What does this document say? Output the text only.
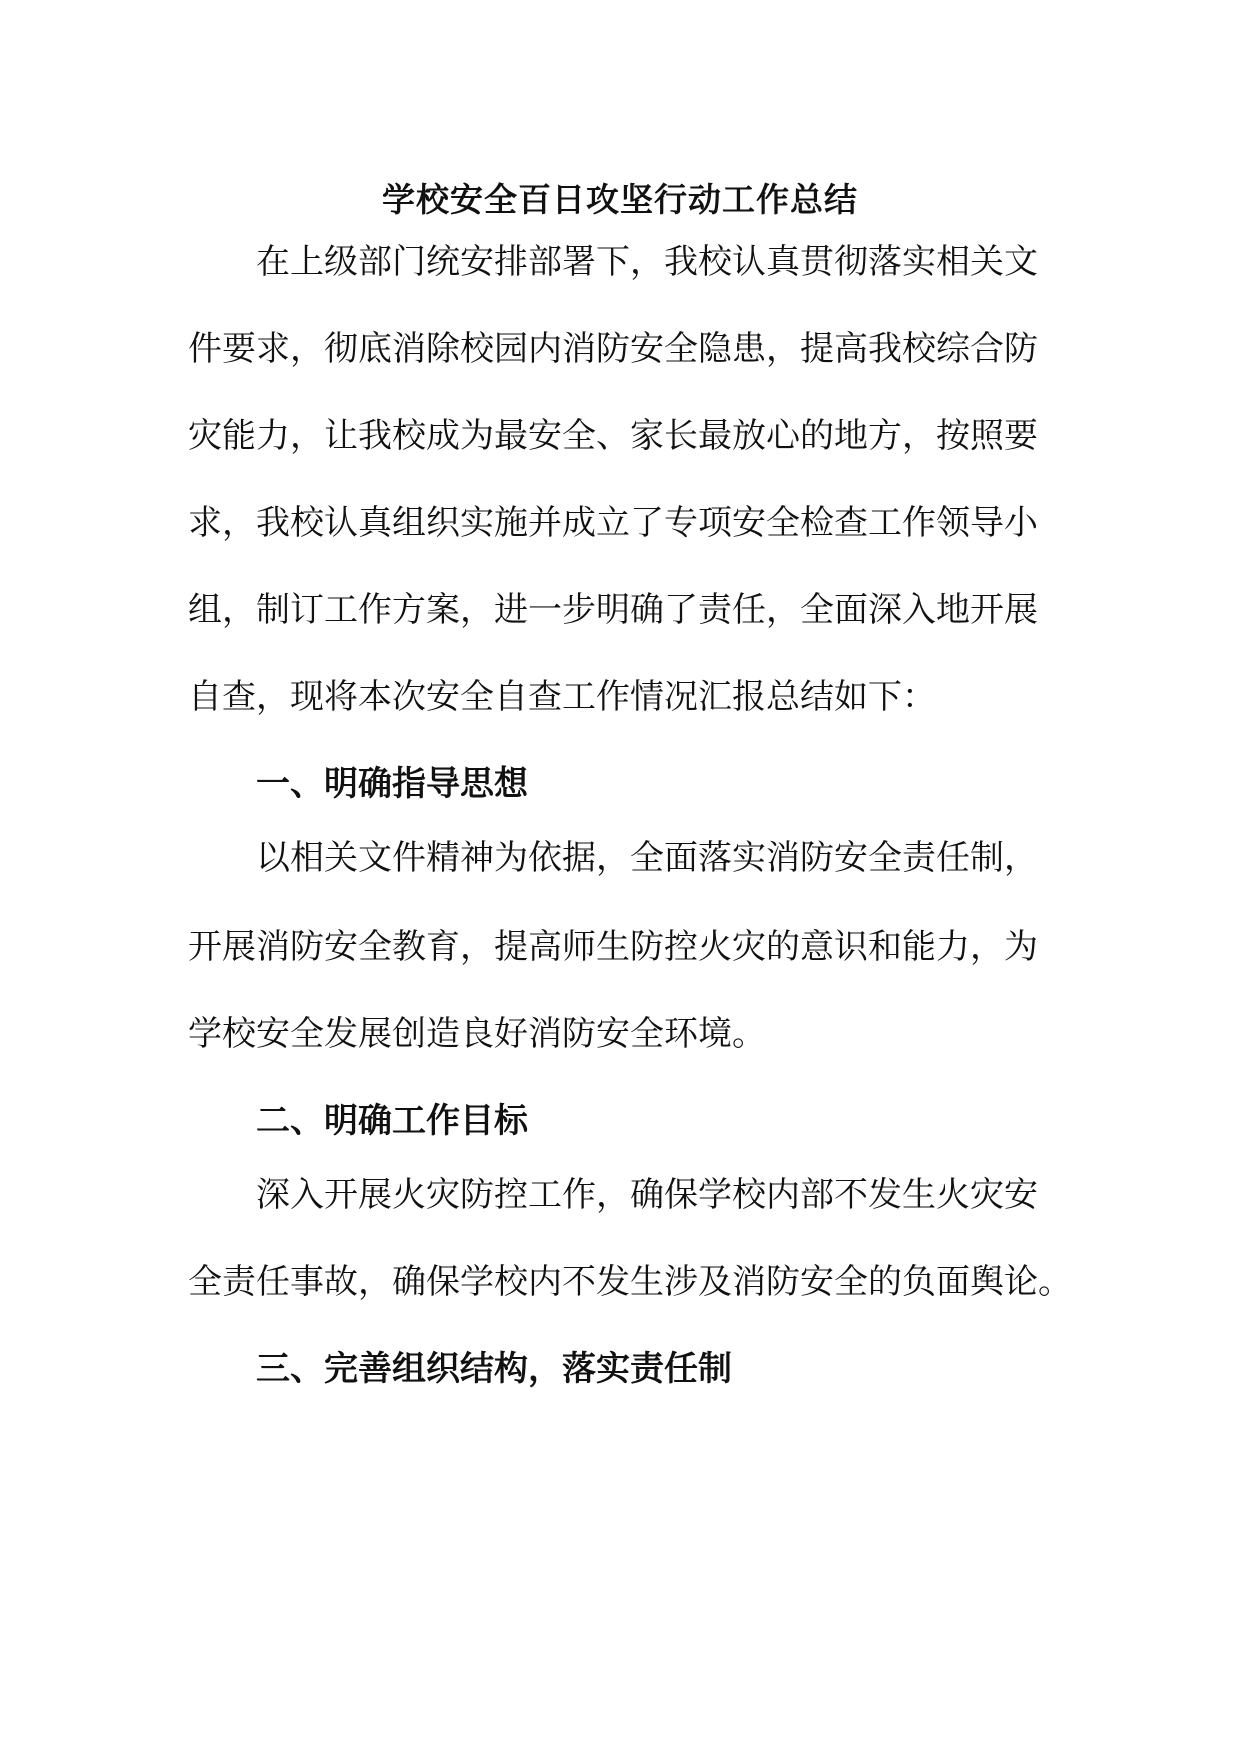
学校安全百日攻坚行动工作总结
在上级部门统安排部署下，我校认真贯彻落实相关文
件要求，彻底消除校园内消防安全隐患，提高我校综合防
灾能力，让我校成为最安全、家长最放心的地方，按照要
求，我校认真组织实施并成立了专项安全检查工作领导小
组，制订工作方案，进一步明确了责任，全面深入地开展
自查，现将本次安全自查工作情况汇报总结如下：
一、明确指导思想
以相关文件精神为依据，全面落实消防安全责任制，
开展消防安全教育，提高师生防控火灾的意识和能力，为
学校安全发展创造良好消防安全环境。
二、明确工作目标
深入开展火灾防控工作，确保学校内部不发生火灾安
全责任事故，确保学校内不发生涉及消防安全的负面舆论。
三、完善组织结构，落实责任制
